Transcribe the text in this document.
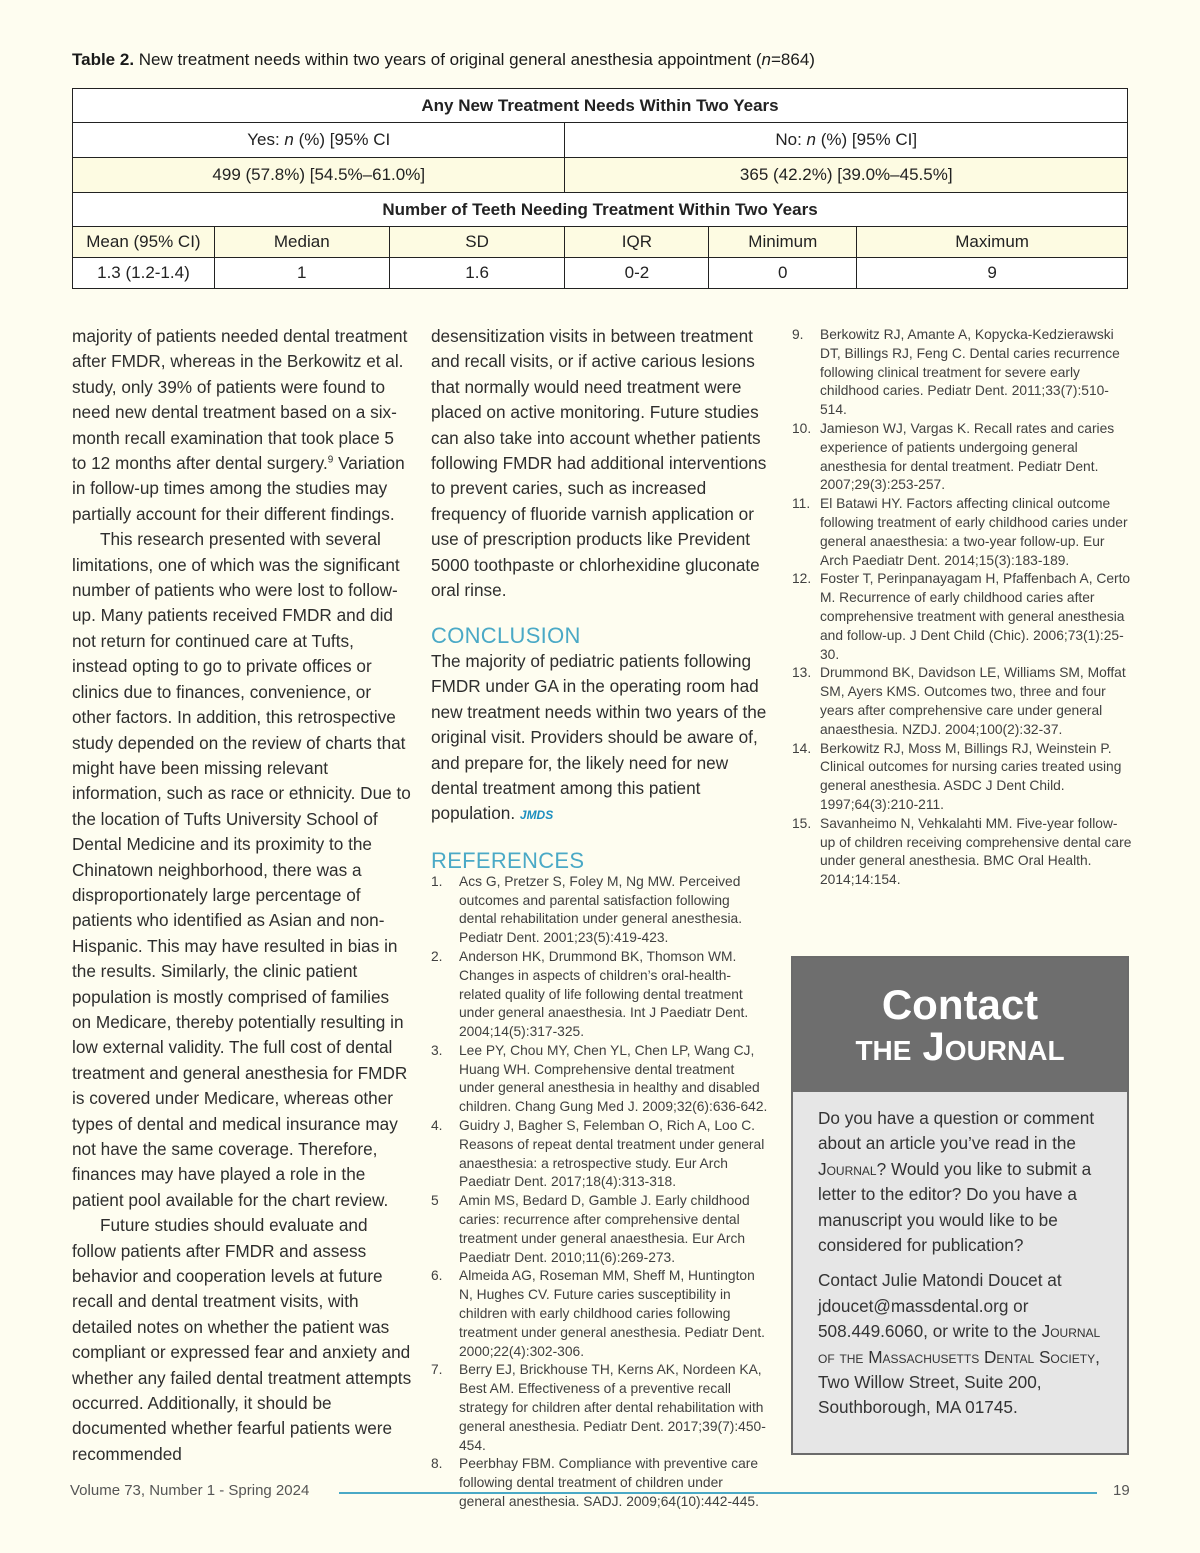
Table 2. New treatment needs within two years of original general anesthesia appointment (n=864)
Any New Treatment Needs Within Two Years					
Yes: n (%) [95% CI			No: n (%) [95% CI]		
499 (57.8%) [54.5%–61.0%]			365 (42.2%) [39.0%–45.5%]		
Number of Teeth Needing Treatment Within Two Years					
Mean (95% CI)	Median	SD	IQR	Minimum	Maximum
1.3 (1.2-1.4)	1	1.6	0-2	0	9

majority of patients needed dental treatment after FMDR, whereas in the Berkowitz et al. study, only 39% of patients were found to need new dental treatment based on a six-month recall examination that took place 5 to 12 months after dental surgery.$^9$ Variation in follow-up times among the studies may partially account for their different findings.

This research presented with several limitations, one of which was the significant number of patients who were lost to follow-up. Many patients received FMDR and did not return for continued care at Tufts, instead opting to go to private offices or clinics due to finances, convenience, or other factors. In addition, this retrospective study depended on the review of charts that might have been missing relevant information, such as race or ethnicity. Due to the location of Tufts University School of Dental Medicine and its proximity to the Chinatown neighborhood, there was a disproportionately large percentage of patients who identified as Asian and non-Hispanic. This may have resulted in bias in the results. Similarly, the clinic patient population is mostly comprised of families on Medicare, thereby potentially resulting in low external validity. The full cost of dental treatment and general anesthesia for FMDR is covered under Medicare, whereas other types of dental and medical insurance may not have the same coverage. Therefore, finances may have played a role in the patient pool available for the chart review.

Future studies should evaluate and follow patients after FMDR and assess behavior and cooperation levels at future recall and dental treatment visits, with detailed notes on whether the patient was compliant or expressed fear and anxiety and whether any failed dental treatment attempts occurred. Additionally, it should be documented whether fearful patients were recommended

desensitization visits in between treatment and recall visits, or if active carious lesions that normally would need treatment were placed on active monitoring. Future studies can also take into account whether patients following FMDR had additional interventions to prevent caries, such as increased frequency of fluoride varnish application or use of prescription products like Prevident 5000 toothpaste or chlorhexidine gluconate oral rinse.

CONCLUSION

The majority of pediatric patients following FMDR under GA in the operating room had new treatment needs within two years of the original visit. Providers should be aware of, and prepare for, the likely need for new dental treatment among this patient population. JMDS

REFERENCES

1. Acs G, Pretzer S, Foley M, Ng MW. Perceived outcomes and parental satisfaction following dental rehabilitation under general anesthesia. Pediatr Dent. 2001;23(5):419-423.
2. Anderson HK, Drummond BK, Thomson WM. Changes in aspects of children’s oral-health-related quality of life following dental treatment under general anaesthesia. Int J Paediatr Dent. 2004;14(5):317-325.
3. Lee PY, Chou MY, Chen YL, Chen LP, Wang CJ, Huang WH. Comprehensive dental treatment under general anesthesia in healthy and disabled children. Chang Gung Med J. 2009;32(6):636-642.
4. Guidry J, Bagher S, Felemban O, Rich A, Loo C. Reasons of repeat dental treatment under general anaesthesia: a retrospective study. Eur Arch Paediatr Dent. 2017;18(4):313-318.
5 Amin MS, Bedard D, Gamble J. Early childhood caries: recurrence after comprehensive dental treatment under general anaesthesia. Eur Arch Paediatr Dent. 2010;11(6):269-273.
6. Almeida AG, Roseman MM, Sheff M, Huntington N, Hughes CV. Future caries susceptibility in children with early childhood caries following treatment under general anesthesia. Pediatr Dent. 2000;22(4):302-306.
7. Berry EJ, Brickhouse TH, Kerns AK, Nordeen KA, Best AM. Effectiveness of a preventive recall strategy for children after dental rehabilitation with general anesthesia. Pediatr Dent. 2017;39(7):450-454.
8. Peerbhay FBM. Compliance with preventive care following dental treatment of children under general anesthesia. SADJ. 2009;64(10):442-445.
9. Berkowitz RJ, Amante A, Kopycka-Kedzierawski DT, Billings RJ, Feng C. Dental caries recurrence following clinical treatment for severe early childhood caries. Pediatr Dent. 2011;33(7):510-514.
10. Jamieson WJ, Vargas K. Recall rates and caries experience of patients undergoing general anesthesia for dental treatment. Pediatr Dent. 2007;29(3):253-257.
11. El Batawi HY. Factors affecting clinical outcome following treatment of early childhood caries under general anaesthesia: a two-year follow-up. Eur Arch Paediatr Dent. 2014;15(3):183-189.
12. Foster T, Perinpanayagam H, Pfaffenbach A, Certo M. Recurrence of early childhood caries after comprehensive treatment with general anesthesia and follow-up. J Dent Child (Chic). 2006;73(1):25-30.
13. Drummond BK, Davidson LE, Williams SM, Moffat SM, Ayers KMS. Outcomes two, three and four years after comprehensive care under general anaesthesia. NZDJ. 2004;100(2):32-37.
14. Berkowitz RJ, Moss M, Billings RJ, Weinstein P. Clinical outcomes for nursing caries treated using general anesthesia. ASDC J Dent Child. 1997;64(3):210-211.
15. Savanheimo N, Vehkalahti MM. Five-year follow-up of children receiving comprehensive dental care under general anesthesia. BMC Oral Health. 2014;14:154.
Contact
the Journal

Do you have a question or comment about an article you’ve read in the Journal? Would you like to submit a letter to the editor? Do you have a manuscript you would like to be considered for publication?

Contact Julie Matondi Doucet at jdoucet@massdental.org or 508.449.6060, or write to the Journal of the Massachusetts Dental Society, Two Willow Street, Suite 200, Southborough, MA 01745.

Volume 73, Number 1 - Spring 2024	19
